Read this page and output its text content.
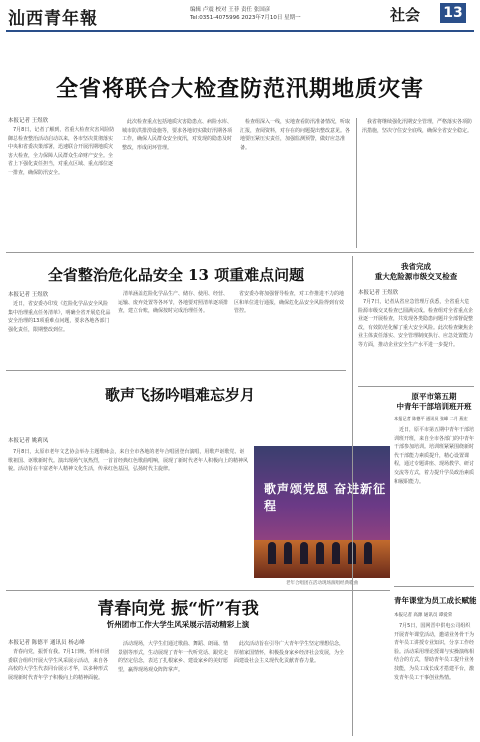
汕西青年報	编辑 卢震 校对 王菲 责任 张国彦
Tel:0351-4075996 2023年7月10日 星期一	社会 13
全省将联合大检查防范汛期地质灾害
本报记者 王煜欣

7月8日，记者了解到，省重大检查灾害风险防御总检查整治活动启动以来，各市坚决贯彻落实中央和省委决策部署，迅速联合开展汛期地质灾害大检查，全力保障人民群众生命财产安全。全省上下强化责任担当，对重点区域、重点部位逐一排查，确保防汛安全。

此次检查重点包括地质灾害隐患点、病险水库、城市防洪排涝设施等，要求各地切实做好汛期各项工作，确保人民群众安全度汛，对发现的隐患及时整改，形成闭环管理。

检查组深入一线，实地查看防汛准备情况，听取汇报，查阅资料，对存在的问题提出整改意见。各地要压紧压实责任，加强监测预警，做好应急准备。

我省将继续强化汛期安全管理，严格落实各项防汛措施，坚决守住安全底线，确保全省安全稳定。

全省整治危化品安全 13 项重难点问题
本报记者 王煜欣

近日，省安委办印发《危险化学品安全风险集中治理重点任务清单》，明确全省开展危化品安全治理的13项重难点问题，要求各地各部门强化责任，限期整改到位。

清单涵盖危险化学品生产、储存、使用、经营、运输、废弃处置等各环节，各地要对照清单逐项排查，建立台账，确保按时完成治理任务。

省安委办将加强督导检查，对工作推进不力的地区和单位进行通报，确保危化品安全风险得到有效管控。

歌声飞扬吟唱难忘岁月
本报记者 姚莉凤

7月8日，太原市老年文艺协会举办主题歌咏会，来自全市各地的老年合唱团登台演唱，用歌声讴歌党、讴歌祖国、讴歌新时代。演出现场气氛热烈，一首首经典红色歌曲唱响，展现了新时代老年人积极向上的精神风貌。活动旨在丰富老年人精神文化生活，传承红色基因，弘扬时代主旋律。

歌声颂党恩 奋进新征程
老年合唱团在活动现场演唱经典歌曲
青春向党 振“忻”有我
忻州团市工作大学生风采展示活动精彩上演
本报记者 陈德平 通讯员 杨志峰

青春向党，振忻有我。7月1日晚，忻州市团委联合组织开展大学生风采展示活动，来自各高校的大学生代表同台展示才华，以多种形式展现新时代青年学子积极向上的精神面貌。

活动现场，大学生们通过歌曲、舞蹈、朗诵、情景剧等形式，生动展现了青年一代听党话、跟党走的坚定信念，表达了扎根家乡、建设家乡的美好愿望，赢得现场观众阵阵掌声。

此次活动旨在引导广大青年学生坚定理想信念，厚植家国情怀，积极投身家乡经济社会发展，为全面建设社会主义现代化贡献青春力量。

我省完成
重大危险源市级交叉检查
本报记者 王煜欣

7月7日，记者从省应急管理厅获悉，全省重大危险源市级交叉检查已圆满完成。检查组对全省重点企业逐一开展检查，共发现各类隐患问题并全部督促整改，有效防范化解了重大安全风险。此次检查聚焦企业主体责任落实、安全管理制度执行、应急处置能力等方面，推动企业安全生产水平进一步提升。

原平市第五期
中青年干部培训班开班
本报记者 陈德平 通讯员 张峰 二月 燕宏

近日，原平市第五期中青年干部培训班开班，来自全市各部门的中青年干部参加培训。培训班紧紧围绕新时代干部能力素质提升，精心设置课程，通过专题讲座、现场教学、研讨交流等方式，着力提升学员政治素质和履职能力。

青年课堂为员工成长赋能
本报记者 高源 通讯员 谭爱荣

7月5日，国网晋中供电公司组织开展青年课堂活动，邀请业务骨干为青年员工讲授专业知识，分享工作经验。活动采用理论授课与实操演练相结合的方式，帮助青年员工提升业务技能，为员工成长成才搭建平台，激发青年员工干事创业热情。
